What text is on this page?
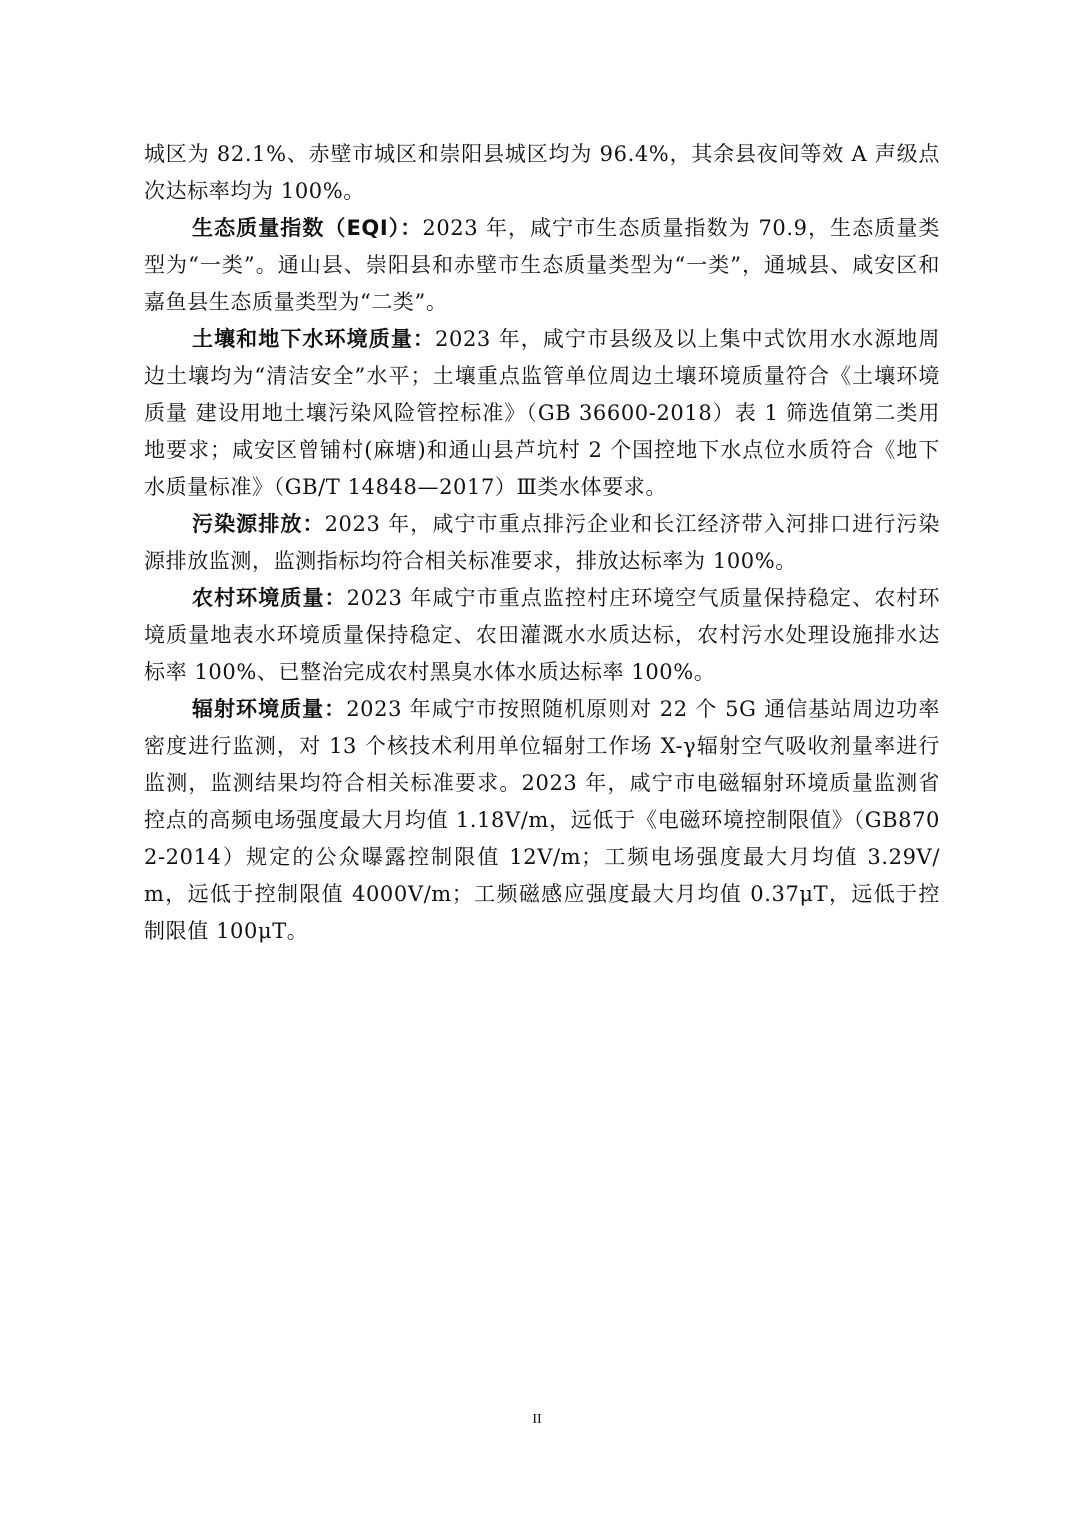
城区为 82.1%、赤壁市城区和崇阳县城区均为 96.4%，其余县夜间等效 A 声级点次达标率均为 100%。

生态质量指数（EQI）：2023 年，咸宁市生态质量指数为 70.9，生态质量类型为“一类”。通山县、崇阳县和赤壁市生态质量类型为“一类”，通城县、咸安区和嘉鱼县生态质量类型为“二类”。

土壤和地下水环境质量：2023 年，咸宁市县级及以上集中式饮用水水源地周边土壤均为“清洁安全”水平；土壤重点监管单位周边土壤环境质量符合《土壤环境质量 建设用地土壤污染风险管控标准》（GB 36600-2018）表 1 筛选值第二类用地要求；咸安区曾铺村(麻塘)和通山县芦坑村 2 个国控地下水点位水质符合《地下水质量标准》（GB/T 14848—2017）Ⅲ类水体要求。

污染源排放：2023 年，咸宁市重点排污企业和长江经济带入河排口进行污染源排放监测，监测指标均符合相关标准要求，排放达标率为 100%。

农村环境质量：2023 年咸宁市重点监控村庄环境空气质量保持稳定、农村环境质量地表水环境质量保持稳定、农田灌溉水水质达标，农村污水处理设施排水达标率 100%、已整治完成农村黑臭水体水质达标率 100%。

辐射环境质量：2023 年咸宁市按照随机原则对 22 个 5G 通信基站周边功率密度进行监测，对 13 个核技术利用单位辐射工作场 X-γ辐射空气吸收剂量率进行监测，监测结果均符合相关标准要求。2023 年，咸宁市电磁辐射环境质量监测省控点的高频电场强度最大月均值 1.18V/m，远低于《电磁环境控制限值》（GB8702-2014）规定的公众曝露控制限值 12V/m；工频电场强度最大月均值 3.29V/m，远低于控制限值 4000V/m；工频磁感应强度最大月均值 0.37μT，远低于控制限值 100μT。

II
